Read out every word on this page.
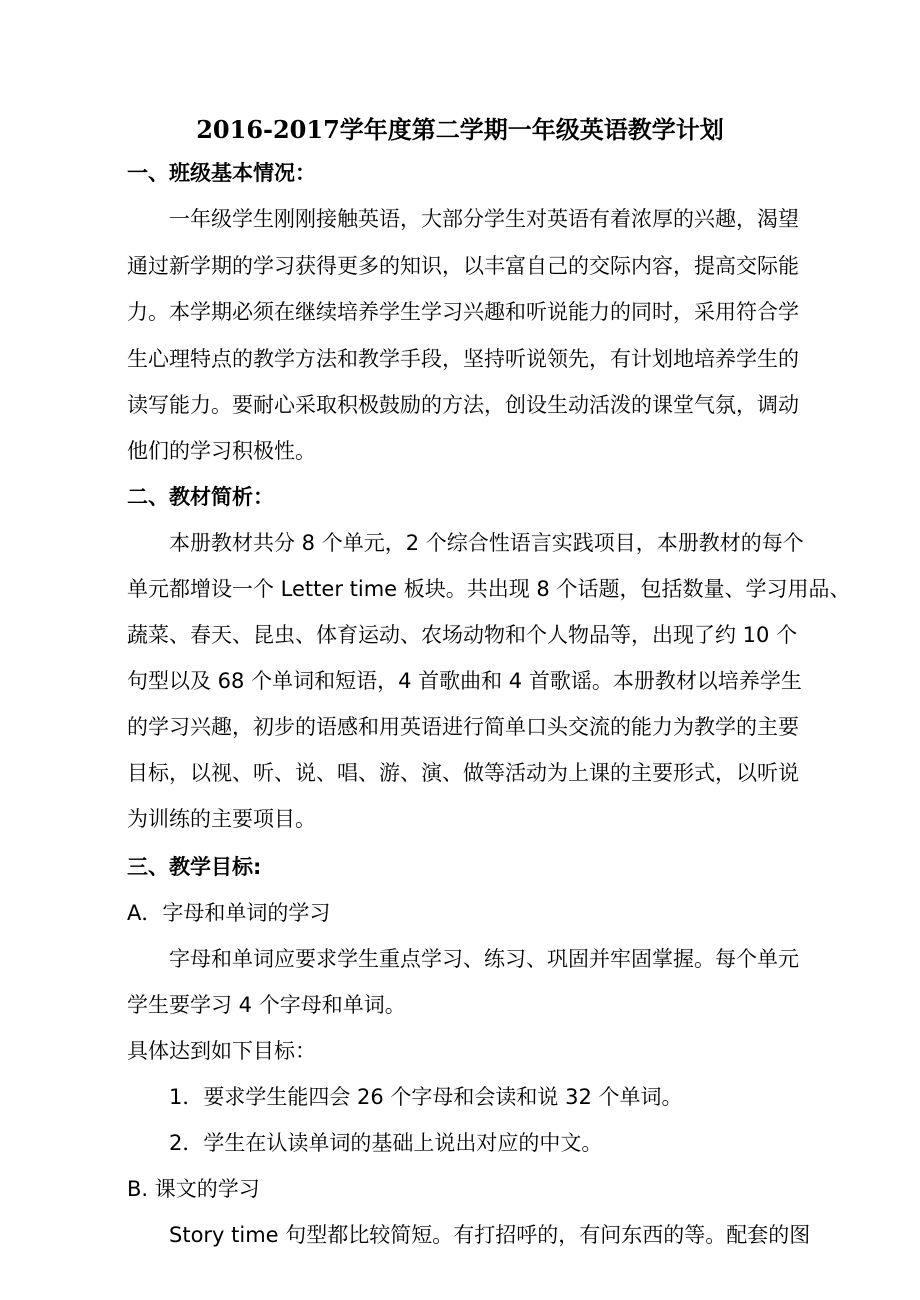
2016-2017学年度第二学期一年级英语教学计划
一、班级基本情况：
一年级学生刚刚接触英语，大部分学生对英语有着浓厚的兴趣，渴望
通过新学期的学习获得更多的知识，以丰富自己的交际内容，提高交际能
力。本学期必须在继续培养学生学习兴趣和听说能力的同时，采用符合学
生心理特点的教学方法和教学手段，坚持听说领先，有计划地培养学生的
读写能力。要耐心采取积极鼓励的方法，创设生动活泼的课堂气氛，调动
他们的学习积极性。
二、教材简析：
本册教材共分 8 个单元，2 个综合性语言实践项目，本册教材的每个
单元都增设一个 Letter time 板块。共出现 8 个话题，包括数量、学习用品、
蔬菜、春天、昆虫、体育运动、农场动物和个人物品等，出现了约 10 个
句型以及 68 个单词和短语，4 首歌曲和 4 首歌谣。本册教材以培养学生
的学习兴趣，初步的语感和用英语进行简单口头交流的能力为教学的主要
目标，以视、听、说、唱、游、演、做等活动为上课的主要形式，以听说
为训练的主要项目。
三、教学目标:
A．字母和单词的学习
字母和单词应要求学生重点学习、练习、巩固并牢固掌握。每个单元
学生要学习 4 个字母和单词。
具体达到如下目标：
1．要求学生能四会 26 个字母和会读和说 32 个单词。
2．学生在认读单词的基础上说出对应的中文。
B. 课文的学习
Story time 句型都比较简短。有打招呼的，有问东西的等。配套的图
